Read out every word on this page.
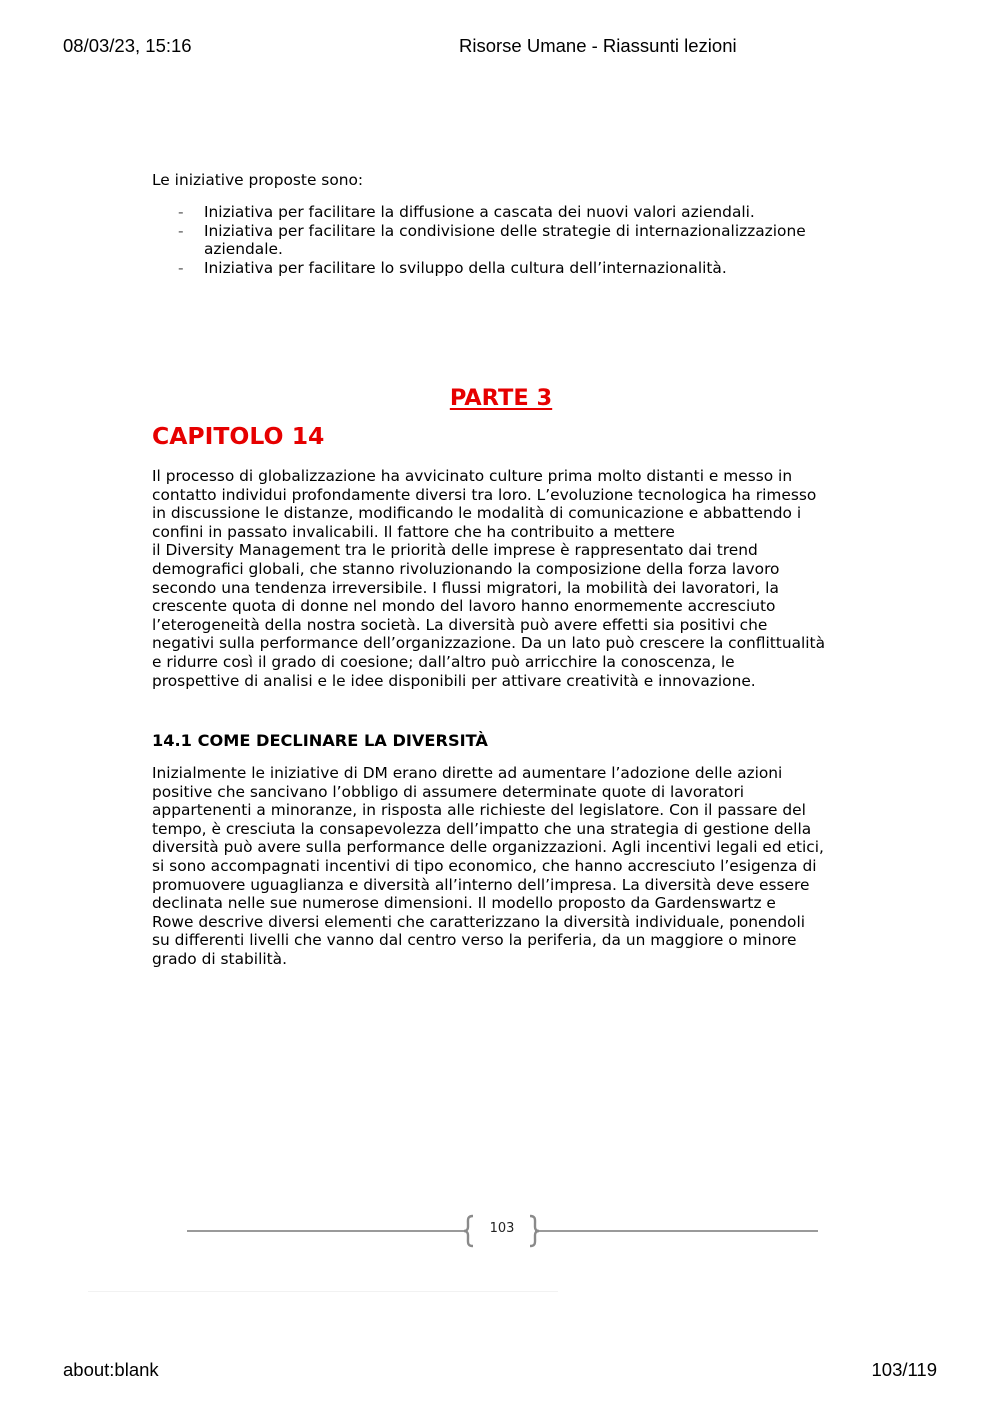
08/03/23, 15:16	Risorse Umane - Riassunti lezioni
Le iniziative proposte sono:
- Iniziativa per facilitare la diffusione a cascata dei nuovi valori aziendali.
- Iniziativa per facilitare la condivisione delle strategie di internazionalizzazione
aziendale.
- Iniziativa per facilitare lo sviluppo della cultura dell’internazionalità.
PARTE 3
CAPITOLO 14
Il processo di globalizzazione ha avvicinato culture prima molto distanti e messo in
contatto individui profondamente diversi tra loro. L’evoluzione tecnologica ha rimesso
in discussione le distanze, modificando le modalità di comunicazione e abbattendo i
confini in passato invalicabili. Il fattore che ha contribuito a mettere
il Diversity Management tra le priorità delle imprese è rappresentato dai trend
demografici globali, che stanno rivoluzionando la composizione della forza lavoro
secondo una tendenza irreversibile. I flussi migratori, la mobilità dei lavoratori, la
crescente quota di donne nel mondo del lavoro hanno enormemente accresciuto
l’eterogeneità della nostra società. La diversità può avere effetti sia positivi che
negativi sulla performance dell’organizzazione. Da un lato può crescere la conflittualità
e ridurre così il grado di coesione; dall’altro può arricchire la conoscenza, le
prospettive di analisi e le idee disponibili per attivare creatività e innovazione.
14.1 COME DECLINARE LA DIVERSITÀ
Inizialmente le iniziative di DM erano dirette ad aumentare l’adozione delle azioni
positive che sancivano l’obbligo di assumere determinate quote di lavoratori
appartenenti a minoranze, in risposta alle richieste del legislatore. Con il passare del
tempo, è cresciuta la consapevolezza dell’impatto che una strategia di gestione della
diversità può avere sulla performance delle organizzazioni. Agli incentivi legali ed etici,
si sono accompagnati incentivi di tipo economico, che hanno accresciuto l’esigenza di
promuovere uguaglianza e diversità all’interno dell’impresa. La diversità deve essere
declinata nelle sue numerose dimensioni. Il modello proposto da Gardenswartz e
Rowe descrive diversi elementi che caratterizzano la diversità individuale, ponendoli
su differenti livelli che vanno dal centro verso la periferia, da un maggiore o minore
grado di stabilità.
103
about:blank	103/119
